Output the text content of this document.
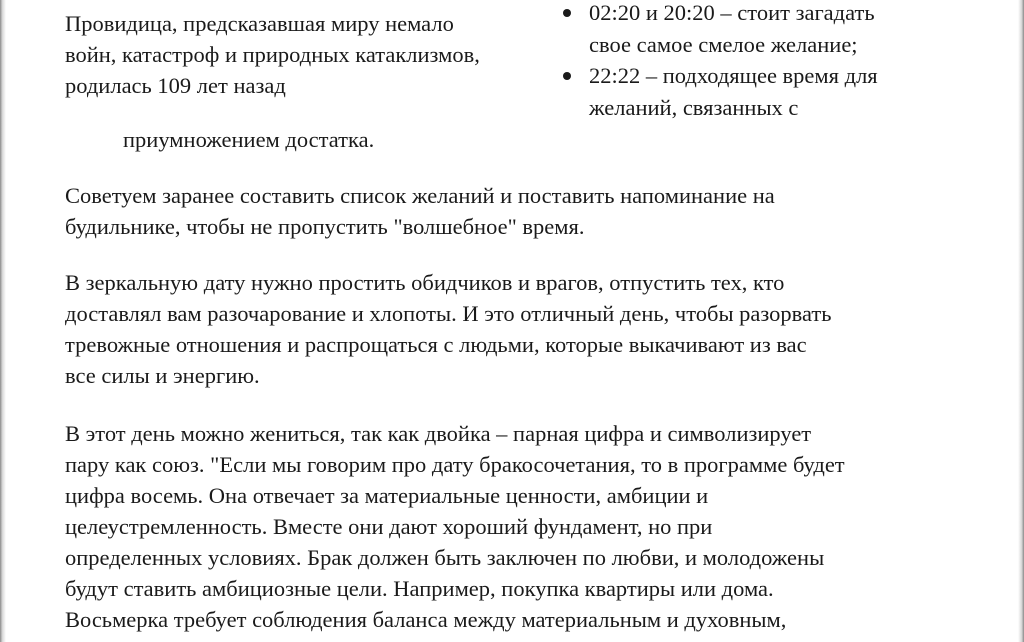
Провидица, предсказавшая миру немало
войн, катастроф и природных катаклизмов,
родилась 109 лет назад

02:20 и 20:20 – стоит загадать
свое самое смелое желание;
22:22 – подходящее время для
желаний, связанных с

приумножением достатка.

Советуем заранее составить список желаний и поставить напоминание на
будильнике, чтобы не пропустить "волшебное" время.

В зеркальную дату нужно простить обидчиков и врагов, отпустить тех, кто
доставлял вам разочарование и хлопоты. И это отличный день, чтобы разорвать
тревожные отношения и распрощаться с людьми, которые выкачивают из вас
все силы и энергию.

В этот день можно жениться, так как двойка – парная цифра и символизирует
пару как союз. "Если мы говорим про дату бракосочетания, то в программе будет
цифра восемь. Она отвечает за материальные ценности, амбиции и
целеустремленность. Вместе они дают хороший фундамент, но при
определенных условиях. Брак должен быть заключен по любви, и молодожены
будут ставить амбициозные цели. Например, покупка квартиры или дома.
Восьмерка требует соблюдения баланса между материальным и духовным,
